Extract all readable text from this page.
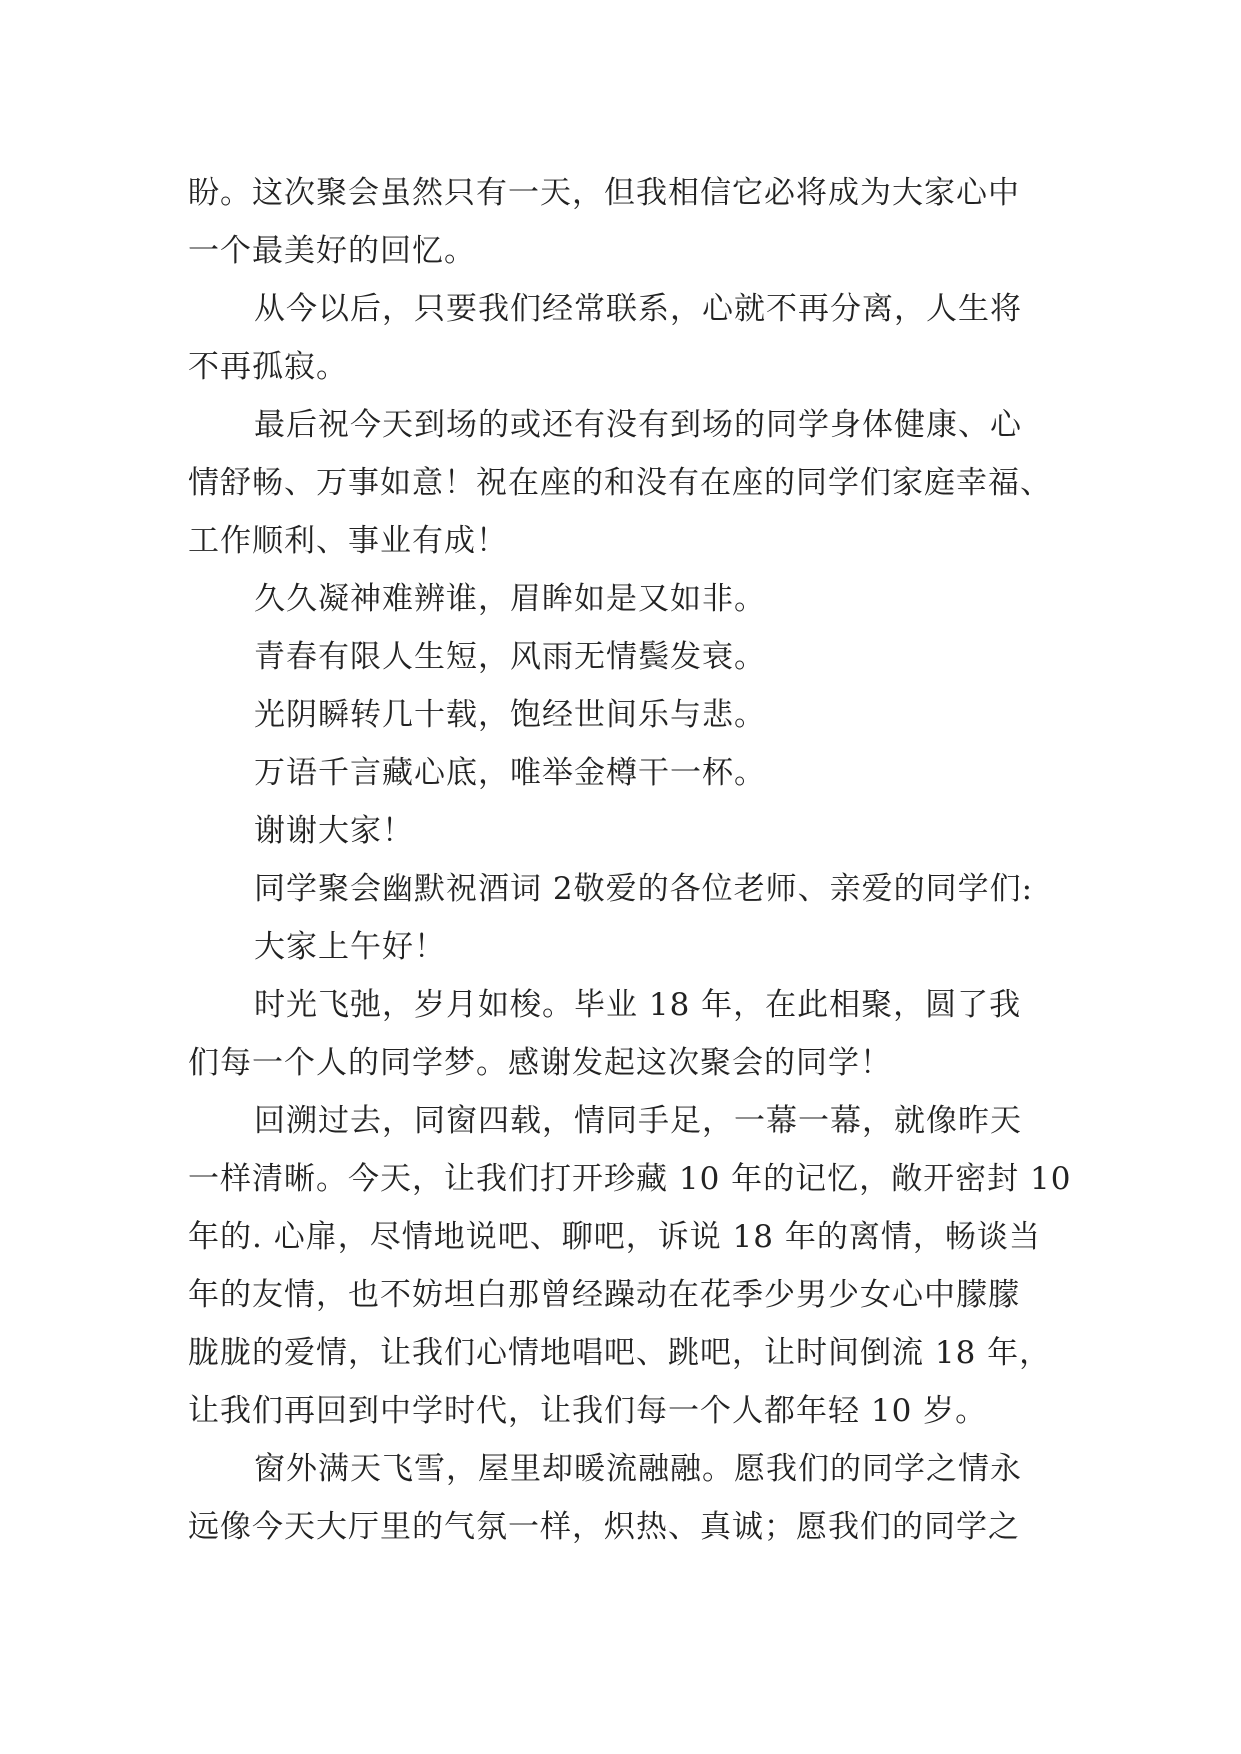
盼。这次聚会虽然只有一天，但我相信它必将成为大家心中
一个最美好的回忆。
从今以后，只要我们经常联系，心就不再分离，人生将
不再孤寂。
最后祝今天到场的或还有没有到场的同学身体健康、心
情舒畅、万事如意！祝在座的和没有在座的同学们家庭幸福、
工作顺利、事业有成！
久久凝神难辨谁，眉眸如是又如非。
青春有限人生短，风雨无情鬓发衰。
光阴瞬转几十载，饱经世间乐与悲。
万语千言藏心底，唯举金樽干一杯。
谢谢大家！
同学聚会幽默祝酒词 2敬爱的各位老师、亲爱的同学们:
大家上午好！
时光飞弛，岁月如梭。毕业 18 年，在此相聚，圆了我
们每一个人的同学梦。感谢发起这次聚会的同学！
回溯过去，同窗四载，情同手足，一幕一幕，就像昨天
一样清晰。今天，让我们打开珍藏 10 年的记忆，敞开密封 10
年的. 心扉，尽情地说吧、聊吧，诉说 18 年的离情，畅谈当
年的友情，也不妨坦白那曾经躁动在花季少男少女心中朦朦
胧胧的爱情，让我们心情地唱吧、跳吧，让时间倒流 18 年，
让我们再回到中学时代，让我们每一个人都年轻 10 岁。
窗外满天飞雪，屋里却暖流融融。愿我们的同学之情永
远像今天大厅里的气氛一样，炽热、真诚；愿我们的同学之
